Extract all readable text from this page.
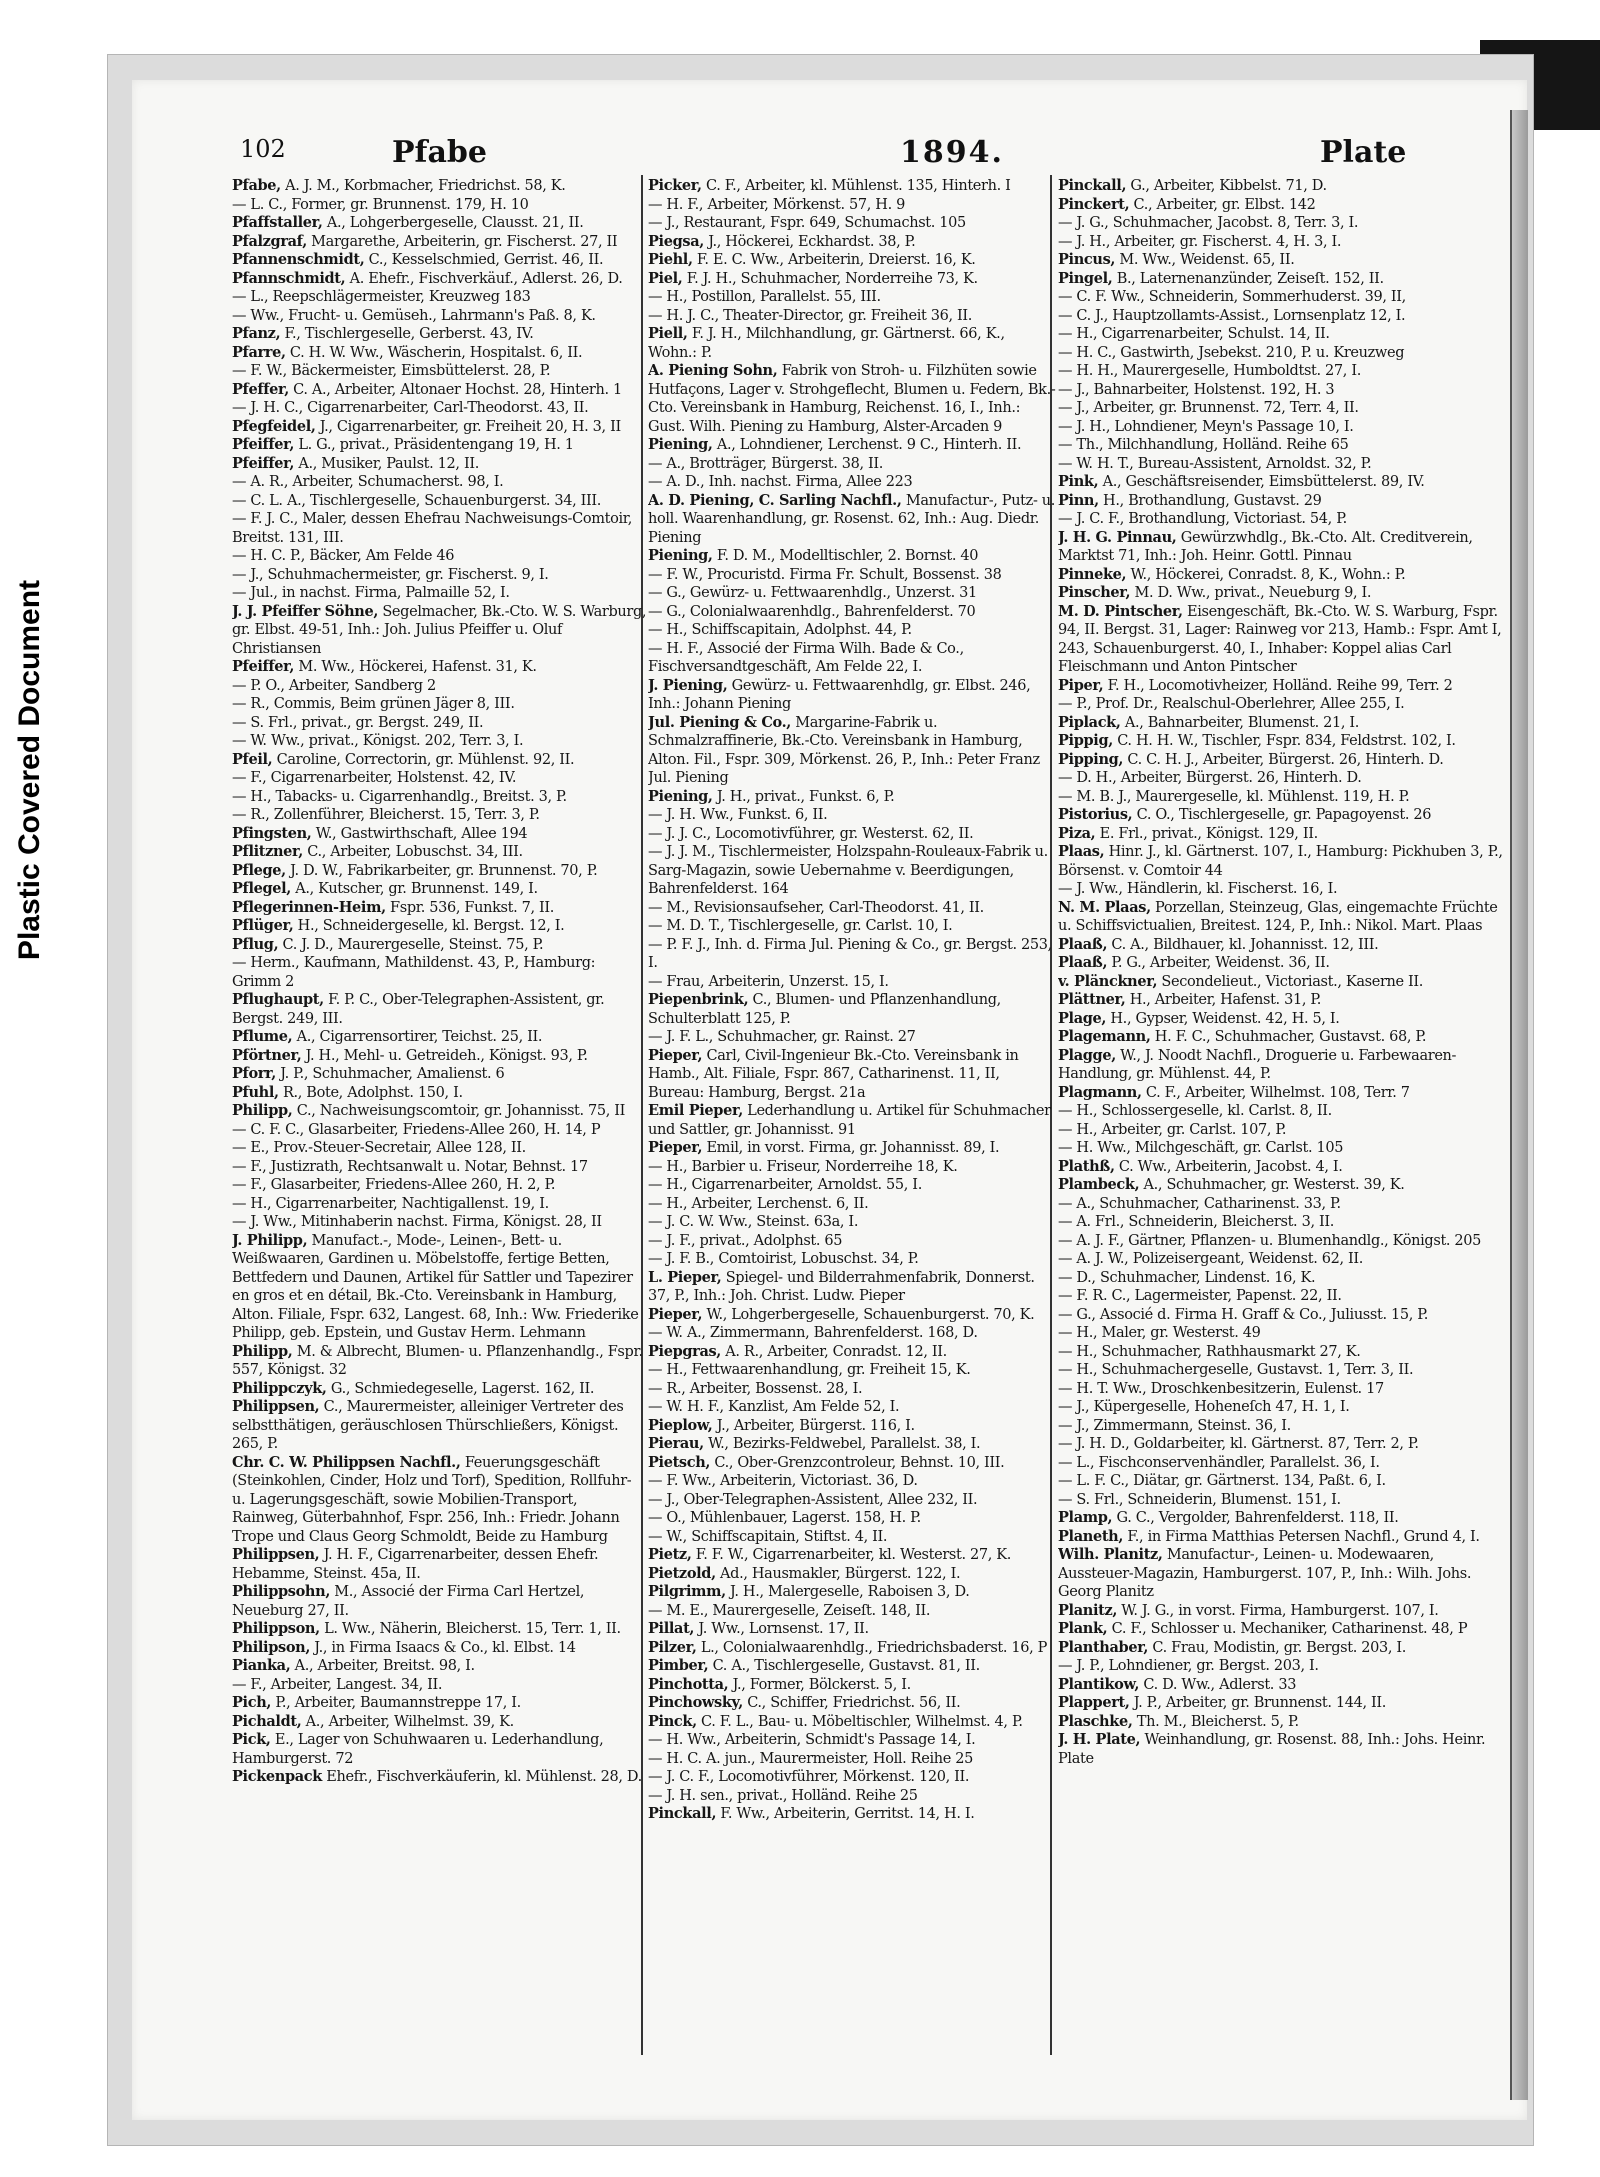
Plastic Covered Document
102	Pfabe	1894.	Plate
Pfabe, A. J. M., Korbmacher, Friedrichst. 58, K.
— L. C., Former, gr. Brunnenst. 179, H. 10
Pfaffstaller, A., Lohgerbergeselle, Clausst. 21, II.
Pfalzgraf, Margarethe, Arbeiterin, gr. Fischerst. 27, II
Pfannenschmidt, C., Kesselschmied, Gerrist. 46, II.
Pfannschmidt, A. Ehefr., Fischverkäuf., Adlerst. 26, D.
— L., Reepschlägermeister, Kreuzweg 183
— Ww., Frucht- u. Gemüseh., Lahrmann's Paß. 8, K.
Pfanz, F., Tischlergeselle, Gerberst. 43, IV.
Pfarre, C. H. W. Ww., Wäscherin, Hospitalst. 6, II.
— F. W., Bäckermeister, Eimsbüttelerst. 28, P.
Pfeffer, C. A., Arbeiter, Altonaer Hochst. 28, Hinterh. 1
— J. H. C., Cigarrenarbeiter, Carl-Theodorst. 43, II.
Pfegfeidel, J., Cigarrenarbeiter, gr. Freiheit 20, H. 3, II
Pfeiffer, L. G., privat., Präsidentengang 19, H. 1
Pfeiffer, A., Musiker, Paulst. 12, II.
— A. R., Arbeiter, Schumacherst. 98, I.
— C. L. A., Tischlergeselle, Schauenburgerst. 34, III.
— F. J. C., Maler, dessen Ehefrau Nachweisungs-Comtoir, Breitst. 131, III.
— H. C. P., Bäcker, Am Felde 46
— J., Schuhmachermeister, gr. Fischerst. 9, I.
— Jul., in nachst. Firma, Palmaille 52, I.
J. J. Pfeiffer Söhne, Segelmacher, Bk.-Cto. W. S. Warburg, gr. Elbst. 49-51, Inh.: Joh. Julius Pfeiffer u. Oluf Christiansen
Pfeiffer, M. Ww., Höckerei, Hafenst. 31, K.
— P. O., Arbeiter, Sandberg 2
— R., Commis, Beim grünen Jäger 8, III.
— S. Frl., privat., gr. Bergst. 249, II.
— W. Ww., privat., Königst. 202, Terr. 3, I.
Pfeil, Caroline, Correctorin, gr. Mühlenst. 92, II.
— F., Cigarrenarbeiter, Holstenst. 42, IV.
— H., Tabacks- u. Cigarrenhandlg., Breitst. 3, P.
— R., Zollenführer, Bleicherst. 15, Terr. 3, P.
Pfingsten, W., Gastwirthschaft, Allee 194
Pflitzner, C., Arbeiter, Lobuschst. 34, III.
Pflege, J. D. W., Fabrikarbeiter, gr. Brunnenst. 70, P.
Pflegel, A., Kutscher, gr. Brunnenst. 149, I.
Pflegerinnen-Heim, Fspr. 536, Funkst. 7, II.
Pflüger, H., Schneidergeselle, kl. Bergst. 12, I.
Pflug, C. J. D., Maurergeselle, Steinst. 75, P.
— Herm., Kaufmann, Mathildenst. 43, P., Hamburg: Grimm 2
Pflughaupt, F. P. C., Ober-Telegraphen-Assistent, gr. Bergst. 249, III.
Pflume, A., Cigarrensortirer, Teichst. 25, II.
Pförtner, J. H., Mehl- u. Getreideh., Königst. 93, P.
Pforr, J. P., Schuhmacher, Amalienst. 6
Pfuhl, R., Bote, Adolphst. 150, I.
Philipp, C., Nachweisungscomtoir, gr. Johannisst. 75, II
— C. F. C., Glasarbeiter, Friedens-Allee 260, H. 14, P
— E., Prov.-Steuer-Secretair, Allee 128, II.
— F., Justizrath, Rechtsanwalt u. Notar, Behnst. 17
— F., Glasarbeiter, Friedens-Allee 260, H. 2, P.
— H., Cigarrenarbeiter, Nachtigallenst. 19, I.
— J. Ww., Mitinhaberin nachst. Firma, Königst. 28, II
J. Philipp, Manufact.-, Mode-, Leinen-, Bett- u. Weißwaaren, Gardinen u. Möbelstoffe, fertige Betten, Bettfedern und Daunen, Artikel für Sattler und Tapezirer en gros et en détail, Bk.-Cto. Vereinsbank in Hamburg, Alton. Filiale, Fspr. 632, Langest. 68, Inh.: Ww. Friederike Philipp, geb. Epstein, und Gustav Herm. Lehmann
Philipp, M. & Albrecht, Blumen- u. Pflanzenhandlg., Fspr. 557, Königst. 32
Philippczyk, G., Schmiedegeselle, Lagerst. 162, II.
Philippsen, C., Maurermeister, alleiniger Vertreter des selbstthätigen, geräuschlosen Thürschließers, Königst. 265, P.
Chr. C. W. Philippsen Nachfl., Feuerungsgeschäft (Steinkohlen, Cinder, Holz und Torf), Spedition, Rollfuhr- u. Lagerungsgeschäft, sowie Mobilien-Transport, Rainweg, Güterbahnhof, Fspr. 256, Inh.: Friedr. Johann Trope und Claus Georg Schmoldt, Beide zu Hamburg
Philippsen, J. H. F., Cigarrenarbeiter, dessen Ehefr. Hebamme, Steinst. 45a, II.
Philippsohn, M., Associé der Firma Carl Hertzel, Neueburg 27, II.
Philippson, L. Ww., Näherin, Bleicherst. 15, Terr. 1, II.
Philipson, J., in Firma Isaacs & Co., kl. Elbst. 14
Pianka, A., Arbeiter, Breitst. 98, I.
— F., Arbeiter, Langest. 34, II.
Pich, P., Arbeiter, Baumannstreppe 17, I.
Pichaldt, A., Arbeiter, Wilhelmst. 39, K.
Pick, E., Lager von Schuhwaaren u. Lederhandlung, Hamburgerst. 72
Pickenpack Ehefr., Fischverkäuferin, kl. Mühlenst. 28, D.
Picker, C. F., Arbeiter, kl. Mühlenst. 135, Hinterh. I
— H. F., Arbeiter, Mörkenst. 57, H. 9
— J., Restaurant, Fspr. 649, Schumachst. 105
Piegsa, J., Höckerei, Eckhardst. 38, P.
Piehl, F. E. C. Ww., Arbeiterin, Dreierst. 16, K.
Piel, F. J. H., Schuhmacher, Norderreihe 73, K.
— H., Postillon, Parallelst. 55, III.
— H. J. C., Theater-Director, gr. Freiheit 36, II.
Piell, F. J. H., Milchhandlung, gr. Gärtnerst. 66, K., Wohn.: P.
A. Piening Sohn, Fabrik von Stroh- u. Filzhüten sowie Hutfaçons, Lager v. Strohgeflecht, Blumen u. Federn, Bk.-Cto. Vereinsbank in Hamburg, Reichenst. 16, I., Inh.: Gust. Wilh. Piening zu Hamburg, Alster-Arcaden 9
Piening, A., Lohndiener, Lerchenst. 9 C., Hinterh. II.
— A., Brotträger, Bürgerst. 38, II.
— A. D., Inh. nachst. Firma, Allee 223
A. D. Piening, C. Sarling Nachfl., Manufactur-, Putz- u. holl. Waarenhandlung, gr. Rosenst. 62, Inh.: Aug. Diedr. Piening
Piening, F. D. M., Modelltischler, 2. Bornst. 40
— F. W., Procuristd. Firma Fr. Schult, Bossenst. 38
— G., Gewürz- u. Fettwaarenhdlg., Unzerst. 31
— G., Colonialwaarenhdlg., Bahrenfelderst. 70
— H., Schiffscapitain, Adolphst. 44, P.
— H. F., Associé der Firma Wilh. Bade & Co., Fischversandtgeschäft, Am Felde 22, I.
J. Piening, Gewürz- u. Fettwaarenhdlg, gr. Elbst. 246, Inh.: Johann Piening
Jul. Piening & Co., Margarine-Fabrik u. Schmalzraffinerie, Bk.-Cto. Vereinsbank in Hamburg, Alton. Fil., Fspr. 309, Mörkenst. 26, P., Inh.: Peter Franz Jul. Piening
Piening, J. H., privat., Funkst. 6, P.
— J. H. Ww., Funkst. 6, II.
— J. J. C., Locomotivführer, gr. Westerst. 62, II.
— J. J. M., Tischlermeister, Holzspahn-Rouleaux-Fabrik u. Sarg-Magazin, sowie Uebernahme v. Beerdigungen, Bahrenfelderst. 164
— M., Revisionsaufseher, Carl-Theodorst. 41, II.
— M. D. T., Tischlergeselle, gr. Carlst. 10, I.
— P. F. J., Inh. d. Firma Jul. Piening & Co., gr. Bergst. 253, I.
— Frau, Arbeiterin, Unzerst. 15, I.
Piepenbrink, C., Blumen- und Pflanzenhandlung, Schulterblatt 125, P.
— J. F. L., Schuhmacher, gr. Rainst. 27
Pieper, Carl, Civil-Ingenieur Bk.-Cto. Vereinsbank in Hamb., Alt. Filiale, Fspr. 867, Catharinenst. 11, II, Bureau: Hamburg, Bergst. 21a
Emil Pieper, Lederhandlung u. Artikel für Schuhmacher und Sattler, gr. Johannisst. 91
Pieper, Emil, in vorst. Firma, gr. Johannisst. 89, I.
— H., Barbier u. Friseur, Norderreihe 18, K.
— H., Cigarrenarbeiter, Arnoldst. 55, I.
— H., Arbeiter, Lerchenst. 6, II.
— J. C. W. Ww., Steinst. 63a, I.
— J. F., privat., Adolphst. 65
— J. F. B., Comtoirist, Lobuschst. 34, P.
L. Pieper, Spiegel- und Bilderrahmenfabrik, Donnerst. 37, P., Inh.: Joh. Christ. Ludw. Pieper
Pieper, W., Lohgerbergeselle, Schauenburgerst. 70, K.
— W. A., Zimmermann, Bahrenfelderst. 168, D.
Piepgras, A. R., Arbeiter, Conradst. 12, II.
— H., Fettwaarenhandlung, gr. Freiheit 15, K.
— R., Arbeiter, Bossenst. 28, I.
— W. H. F., Kanzlist, Am Felde 52, I.
Pieplow, J., Arbeiter, Bürgerst. 116, I.
Pierau, W., Bezirks-Feldwebel, Parallelst. 38, I.
Pietsch, C., Ober-Grenzcontroleur, Behnst. 10, III.
— F. Ww., Arbeiterin, Victoriast. 36, D.
— J., Ober-Telegraphen-Assistent, Allee 232, II.
— O., Mühlenbauer, Lagerst. 158, H. P.
— W., Schiffscapitain, Stiftst. 4, II.
Pietz, F. F. W., Cigarrenarbeiter, kl. Westerst. 27, K.
Pietzold, Ad., Hausmakler, Bürgerst. 122, I.
Pilgrimm, J. H., Malergeselle, Raboisen 3, D.
— M. E., Maurergeselle, Zeiseſt. 148, II.
Pillat, J. Ww., Lornsenst. 17, II.
Pilzer, L., Colonialwaarenhdlg., Friedrichsbaderst. 16, P
Pimber, C. A., Tischlergeselle, Gustavst. 81, II.
Pinchotta, J., Former, Bölckerst. 5, I.
Pinchowsky, C., Schiffer, Friedrichst. 56, II.
Pinck, C. F. L., Bau- u. Möbeltischler, Wilhelmst. 4, P.
— H. Ww., Arbeiterin, Schmidt's Passage 14, I.
— H. C. A. jun., Maurermeister, Holl. Reihe 25
— J. C. F., Locomotivführer, Mörkenst. 120, II.
— J. H. sen., privat., Holländ. Reihe 25
Pinckall, F. Ww., Arbeiterin, Gerritst. 14, H. I.
Pinckall, G., Arbeiter, Kibbelst. 71, D.
Pinckert, C., Arbeiter, gr. Elbst. 142
— J. G., Schuhmacher, Jacobst. 8, Terr. 3, I.
— J. H., Arbeiter, gr. Fischerst. 4, H. 3, I.
Pincus, M. Ww., Weidenst. 65, II.
Pingel, B., Laternenanzünder, Zeiseſt. 152, II.
— C. F. Ww., Schneiderin, Sommerhuderst. 39, II,
— C. J., Hauptzollamts-Assist., Lornsenplatz 12, I.
— H., Cigarrenarbeiter, Schulst. 14, II.
— H. C., Gastwirth, Jsebekst. 210, P. u. Kreuzweg
— H. H., Maurergeselle, Humboldtst. 27, I.
— J., Bahnarbeiter, Holstenst. 192, H. 3
— J., Arbeiter, gr. Brunnenst. 72, Terr. 4, II.
— J. H., Lohndiener, Meyn's Passage 10, I.
— Th., Milchhandlung, Holländ. Reihe 65
— W. H. T., Bureau-Assistent, Arnoldst. 32, P.
Pink, A., Geschäftsreisender, Eimsbüttelerst. 89, IV.
Pinn, H., Brothandlung, Gustavst. 29
— J. C. F., Brothandlung, Victoriast. 54, P.
J. H. G. Pinnau, Gewürzwhdlg., Bk.-Cto. Alt. Creditverein, Marktst 71, Inh.: Joh. Heinr. Gottl. Pinnau
Pinneke, W., Höckerei, Conradst. 8, K., Wohn.: P.
Pinscher, M. D. Ww., privat., Neueburg 9, I.
M. D. Pintscher, Eisengeschäft, Bk.-Cto. W. S. Warburg, Fspr. 94, II. Bergst. 31, Lager: Rainweg vor 213, Hamb.: Fspr. Amt I, 243, Schauenburgerst. 40, I., Inhaber: Koppel alias Carl Fleischmann und Anton Pintscher
Piper, F. H., Locomotivheizer, Holländ. Reihe 99, Terr. 2
— P., Prof. Dr., Realschul-Oberlehrer, Allee 255, I.
Piplack, A., Bahnarbeiter, Blumenst. 21, I.
Pippig, C. H. H. W., Tischler, Fspr. 834, Feldstrst. 102, I.
Pipping, C. C. H. J., Arbeiter, Bürgerst. 26, Hinterh. D.
— D. H., Arbeiter, Bürgerst. 26, Hinterh. D.
— M. B. J., Maurergeselle, kl. Mühlenst. 119, H. P.
Pistorius, C. O., Tischlergeselle, gr. Papagoyenst. 26
Piza, E. Frl., privat., Königst. 129, II.
Plaas, Hinr. J., kl. Gärtnerst. 107, I., Hamburg: Pickhuben 3, P., Börsenst. v. Comtoir 44
— J. Ww., Händlerin, kl. Fischerst. 16, I.
N. M. Plaas, Porzellan, Steinzeug, Glas, eingemachte Früchte u. Schiffsvictualien, Breitest. 124, P., Inh.: Nikol. Mart. Plaas
Plaaß, C. A., Bildhauer, kl. Johannisst. 12, III.
Plaaß, P. G., Arbeiter, Weidenst. 36, II.
v. Plänckner, Secondelieut., Victoriast., Kaserne II.
Plättner, H., Arbeiter, Hafenst. 31, P.
Plage, H., Gypser, Weidenst. 42, H. 5, I.
Plagemann, H. F. C., Schuhmacher, Gustavst. 68, P.
Plagge, W., J. Noodt Nachfl., Droguerie u. Farbewaaren-Handlung, gr. Mühlenst. 44, P.
Plagmann, C. F., Arbeiter, Wilhelmst. 108, Terr. 7
— H., Schlossergeselle, kl. Carlst. 8, II.
— H., Arbeiter, gr. Carlst. 107, P.
— H. Ww., Milchgeschäft, gr. Carlst. 105
Plathß, C. Ww., Arbeiterin, Jacobst. 4, I.
Plambeck, A., Schuhmacher, gr. Westerst. 39, K.
— A., Schuhmacher, Catharinenst. 33, P.
— A. Frl., Schneiderin, Bleicherst. 3, II.
— A. J. F., Gärtner, Pflanzen- u. Blumenhandlg., Königst. 205
— A. J. W., Polizeisergeant, Weidenst. 62, II.
— D., Schuhmacher, Lindenst. 16, K.
— F. R. C., Lagermeister, Papenst. 22, II.
— G., Associé d. Firma H. Graff & Co., Juliusst. 15, P.
— H., Maler, gr. Westerst. 49
— H., Schuhmacher, Rathhausmarkt 27, K.
— H., Schuhmachergeselle, Gustavst. 1, Terr. 3, II.
— H. T. Ww., Droschkenbesitzerin, Eulenst. 17
— J., Küpergeselle, Hoheneſch 47, H. 1, I.
— J., Zimmermann, Steinst. 36, I.
— J. H. D., Goldarbeiter, kl. Gärtnerst. 87, Terr. 2, P.
— L., Fischconservenhändler, Parallelst. 36, I.
— L. F. C., Diätar, gr. Gärtnerst. 134, Paßt. 6, I.
— S. Frl., Schneiderin, Blumenst. 151, I.
Plamp, G. C., Vergolder, Bahrenfelderst. 118, II.
Planeth, F., in Firma Matthias Petersen Nachfl., Grund 4, I.
Wilh. Planitz, Manufactur-, Leinen- u. Modewaaren, Aussteuer-Magazin, Hamburgerst. 107, P., Inh.: Wilh. Johs. Georg Planitz
Planitz, W. J. G., in vorst. Firma, Hamburgerst. 107, I.
Plank, C. F., Schlosser u. Mechaniker, Catharinenst. 48, P
Planthaber, C. Frau, Modistin, gr. Bergst. 203, I.
— J. P., Lohndiener, gr. Bergst. 203, I.
Plantikow, C. D. Ww., Adlerst. 33
Plappert, J. P., Arbeiter, gr. Brunnenst. 144, II.
Plaschke, Th. M., Bleicherst. 5, P.
J. H. Plate, Weinhandlung, gr. Rosenst. 88, Inh.: Johs. Heinr. Plate
